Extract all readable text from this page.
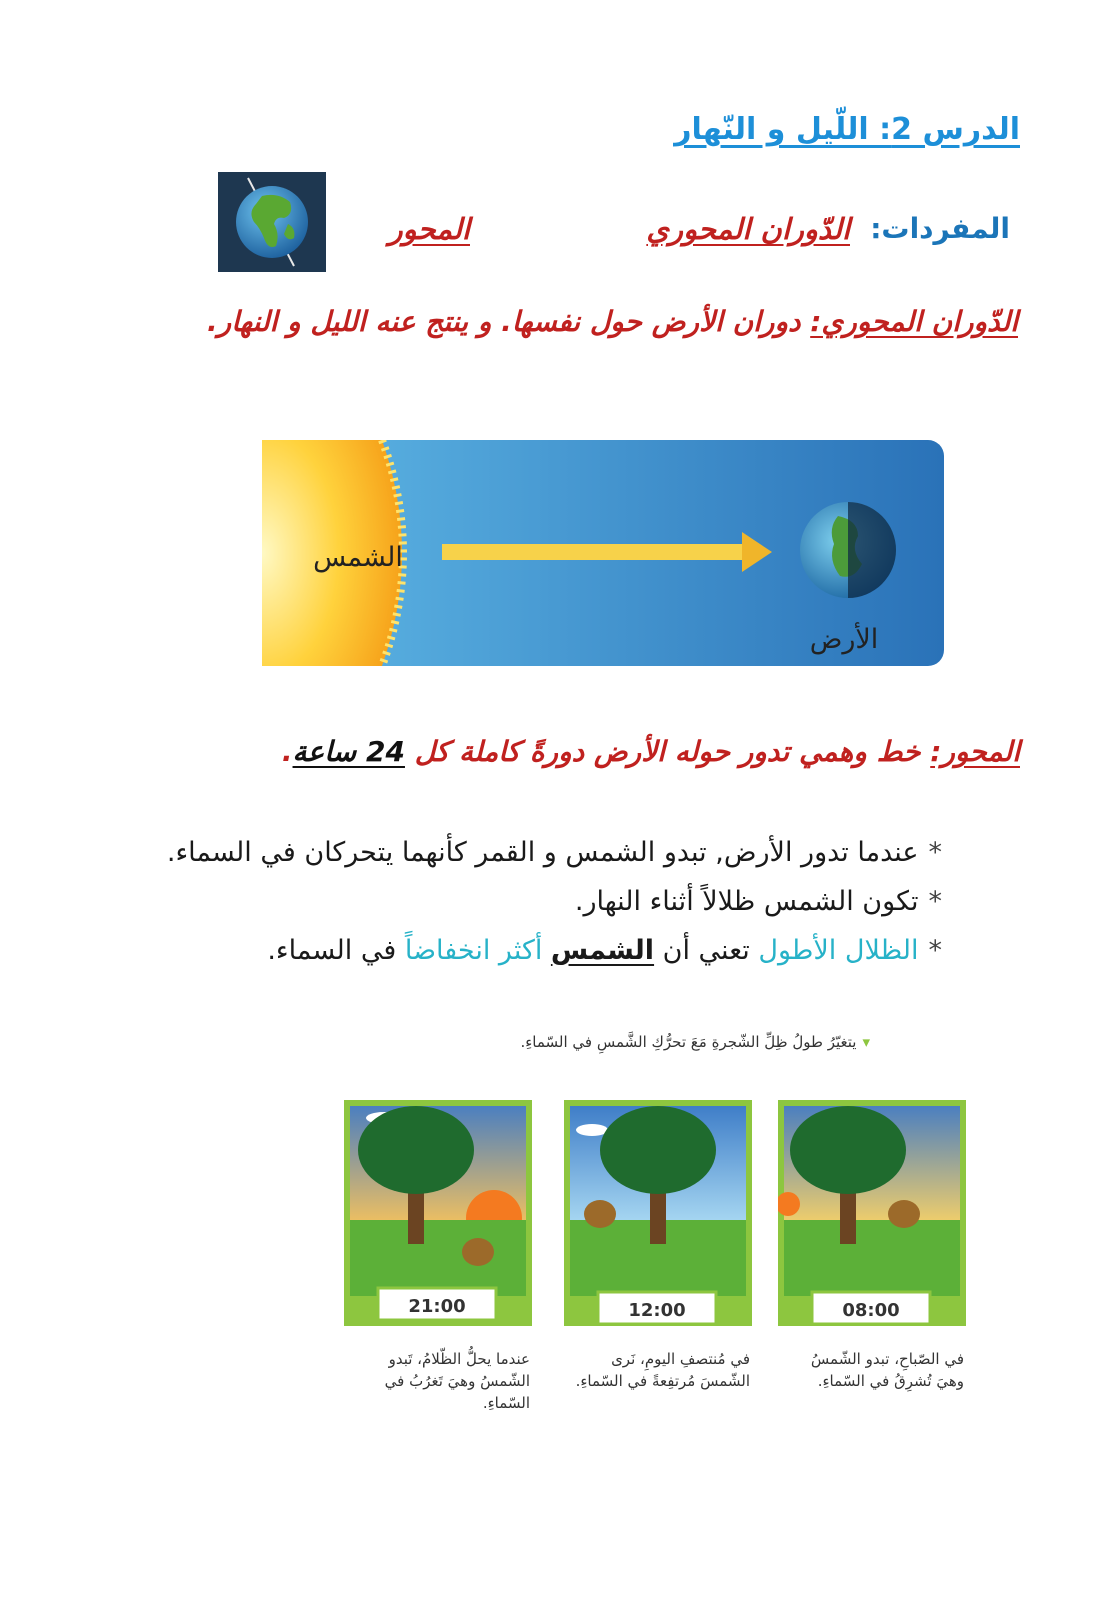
الدرس 2: اللّيل و النّهار
المفردات:
الدّوران المحوري
المحور
الدّوران المحوري: دوران الأرض حول نفسها. و ينتج عنه الليل و النهار.
الشمس
الأرض
المحور: خط وهمي تدور حوله الأرض دورةً كاملة كل 24 ساعة.
*عندما تدور الأرض, تبدو الشمس و القمر كأنهما يتحركان في السماء.
*تكون الشمس ظلالاً أثناء النهار.
*الظلال الأطول تعني أن الشمس أكثر انخفاضاً في السماء.
▾يتغيّرُ طولُ ظِلِّ الشّجرةِ مَعَ تحرُّكِ الشَّمسِ في السّماءِ.
08:00
12:00
21:00
في الصّباحِ، تبدو الشّمسُ وهيَ تُشرِقُ في السّماءِ.
في مُنتصفِ اليومِ، نَرى الشّمسَ مُرتفِعةً في السّماءِ.
عندما يحلُّ الظّلامُ، تَبدو الشّمسُ وهيَ تَغرُبُ في السّماءِ.
